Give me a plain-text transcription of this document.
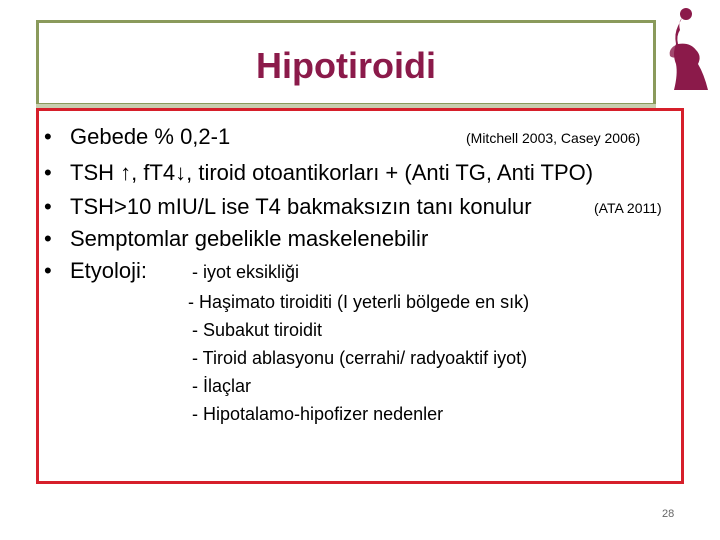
Hipotiroidi
• Gebede % 0,2-1	(Mitchell 2003, Casey 2006)
• TSH ↑, fT4↓, tiroid otoantikorları + (Anti TG, Anti TPO)
• TSH>10 mIU/L ise T4 bakmaksızın tanı konulur	(ATA 2011)
• Semptomlar gebelikle maskelenebilir
• Etyoloji: - iyot eksikliği
- Haşimato tiroiditi (I yeterli bölgede en sık)
- Subakut tiroidit
- Tiroid ablasyonu (cerrahi/ radyoaktif iyot)
- İlaçlar
- Hipotalamo-hipofizer nedenler
28
